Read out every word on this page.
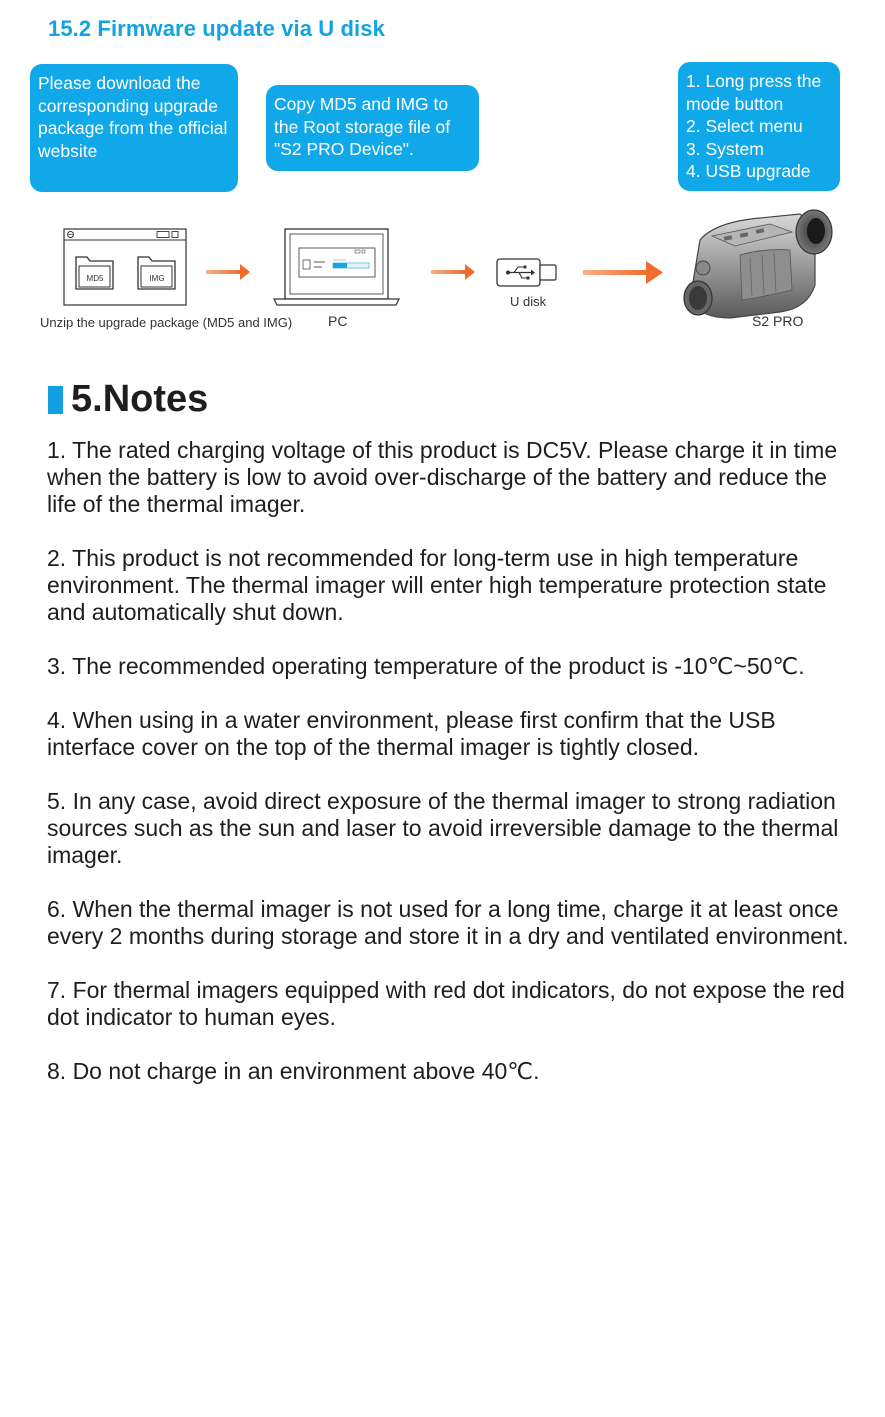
15.2 Firmware update via U disk
Please download the corresponding upgrade package from the official website
Copy MD5 and IMG to the Root storage file of "S2 PRO Device".
1. Long press the mode button
2. Select menu
3. System
4. USB upgrade
MD5	IMG
Unzip the upgrade package (MD5 and IMG)	PC
U disk
S2 PRO
5.Notes

1. The rated charging voltage of this product is DC5V. Please charge it in time when the battery is low to avoid over-discharge of the battery and reduce the life of the thermal imager.

2. This product is not recommended for long-term use in high temperature environment. The thermal imager will enter high temperature protection state and automatically shut down.

3. The recommended operating temperature of the product is -10℃~50℃.

4. When using in a water environment, please first confirm that the USB interface cover on the top of the thermal imager is tightly closed.

5. In any case, avoid direct exposure of the thermal imager to strong radiation sources such as the sun and laser to avoid irreversible damage to the thermal imager.

6. When the thermal imager is not used for a long time, charge it at least once every 2 months during storage and store it in a dry and ventilated environment.

7. For thermal imagers equipped with red dot indicators, do not expose the red dot indicator to human eyes.

8. Do not charge in an environment above 40℃.
